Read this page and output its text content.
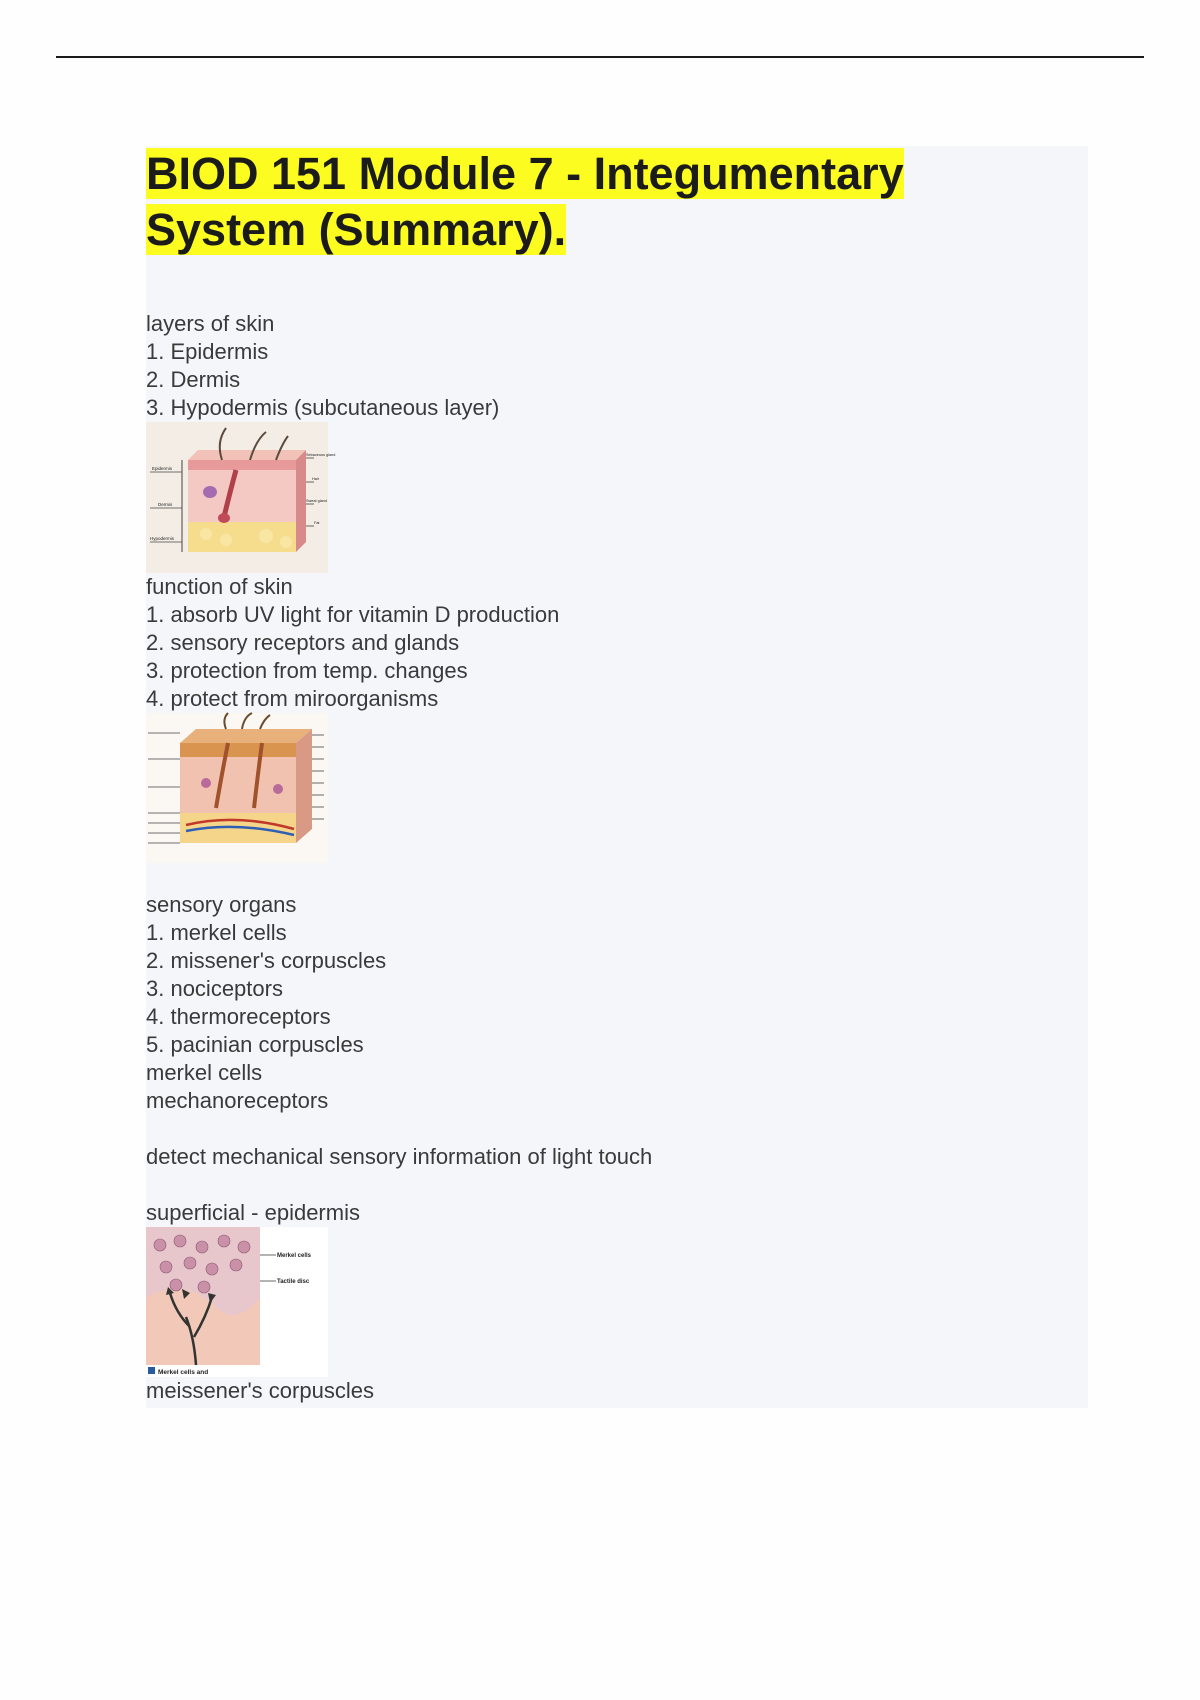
BIOD 151 Module 7 - Integumentary System (Summary).
layers of skin
1. Epidermis
2. Dermis
3. Hypodermis (subcutaneous layer)
Epidermis
Dermis
Hypodermis
Sebaceous gland
Hair
Sweat gland
Fat
function of skin
1. absorb UV light for vitamin D production
2. sensory receptors and glands
3. protection from temp. changes
4. protect from miroorganisms
sensory organs
1. merkel cells
2. missener's corpuscles
3. nociceptors
4. thermoreceptors
5. pacinian corpuscles
merkel cells
mechanoreceptors
detect mechanical sensory information of light touch
superficial - epidermis
Merkel cells
Tactile disc
Merkel cells and
meissener's corpuscles
